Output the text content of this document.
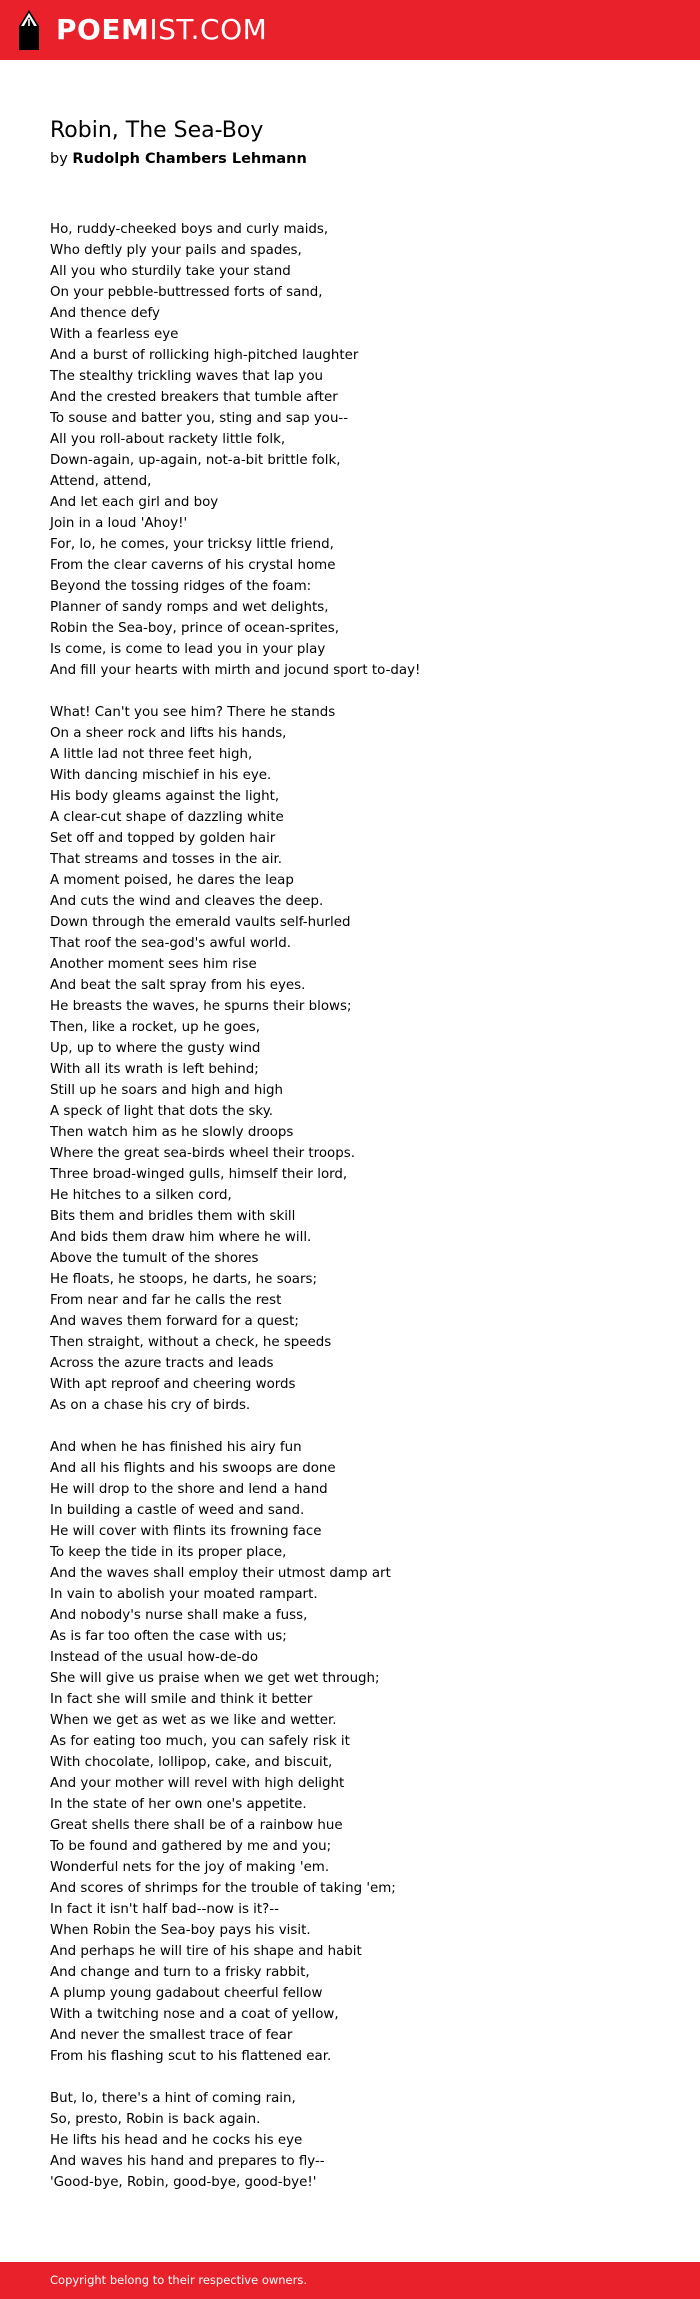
POEMIST.COM
Robin, The Sea-Boy
by Rudolph Chambers Lehmann
Ho, ruddy-cheeked boys and curly maids,
Who deftly ply your pails and spades,
All you who sturdily take your stand
On your pebble-buttressed forts of sand,
And thence defy
With a fearless eye
And a burst of rollicking high-pitched laughter
The stealthy trickling waves that lap you
And the crested breakers that tumble after
To souse and batter you, sting and sap you--
All you roll-about rackety little folk,
Down-again, up-again, not-a-bit brittle folk,
Attend, attend,
And let each girl and boy
Join in a loud 'Ahoy!'
For, lo, he comes, your tricksy little friend,
From the clear caverns of his crystal home
Beyond the tossing ridges of the foam:
Planner of sandy romps and wet delights,
Robin the Sea-boy, prince of ocean-sprites,
Is come, is come to lead you in your play
And fill your hearts with mirth and jocund sport to-day!
What! Can't you see him? There he stands
On a sheer rock and lifts his hands,
A little lad not three feet high,
With dancing mischief in his eye.
His body gleams against the light,
A clear-cut shape of dazzling white
Set off and topped by golden hair
That streams and tosses in the air.
A moment poised, he dares the leap
And cuts the wind and cleaves the deep.
Down through the emerald vaults self-hurled
That roof the sea-god's awful world.
Another moment sees him rise
And beat the salt spray from his eyes.
He breasts the waves, he spurns their blows;
Then, like a rocket, up he goes,
Up, up to where the gusty wind
With all its wrath is left behind;
Still up he soars and high and high
A speck of light that dots the sky.
Then watch him as he slowly droops
Where the great sea-birds wheel their troops.
Three broad-winged gulls, himself their lord,
He hitches to a silken cord,
Bits them and bridles them with skill
And bids them draw him where he will.
Above the tumult of the shores
He floats, he stoops, he darts, he soars;
From near and far he calls the rest
And waves them forward for a quest;
Then straight, without a check, he speeds
Across the azure tracts and leads
With apt reproof and cheering words
As on a chase his cry of birds.
And when he has finished his airy fun
And all his flights and his swoops are done
He will drop to the shore and lend a hand
In building a castle of weed and sand.
He will cover with flints its frowning face
To keep the tide in its proper place,
And the waves shall employ their utmost damp art
In vain to abolish your moated rampart.
And nobody's nurse shall make a fuss,
As is far too often the case with us;
Instead of the usual how-de-do
She will give us praise when we get wet through;
In fact she will smile and think it better
When we get as wet as we like and wetter.
As for eating too much, you can safely risk it
With chocolate, lollipop, cake, and biscuit,
And your mother will revel with high delight
In the state of her own one's appetite.
Great shells there shall be of a rainbow hue
To be found and gathered by me and you;
Wonderful nets for the joy of making 'em.
And scores of shrimps for the trouble of taking 'em;
In fact it isn't half bad--now is it?--
When Robin the Sea-boy pays his visit.
And perhaps he will tire of his shape and habit
And change and turn to a frisky rabbit,
A plump young gadabout cheerful fellow
With a twitching nose and a coat of yellow,
And never the smallest trace of fear
From his flashing scut to his flattened ear.
But, lo, there's a hint of coming rain,
So, presto, Robin is back again.
He lifts his head and he cocks his eye
And waves his hand and prepares to fly--
'Good-bye, Robin, good-bye, good-bye!'
Copyright belong to their respective owners.
